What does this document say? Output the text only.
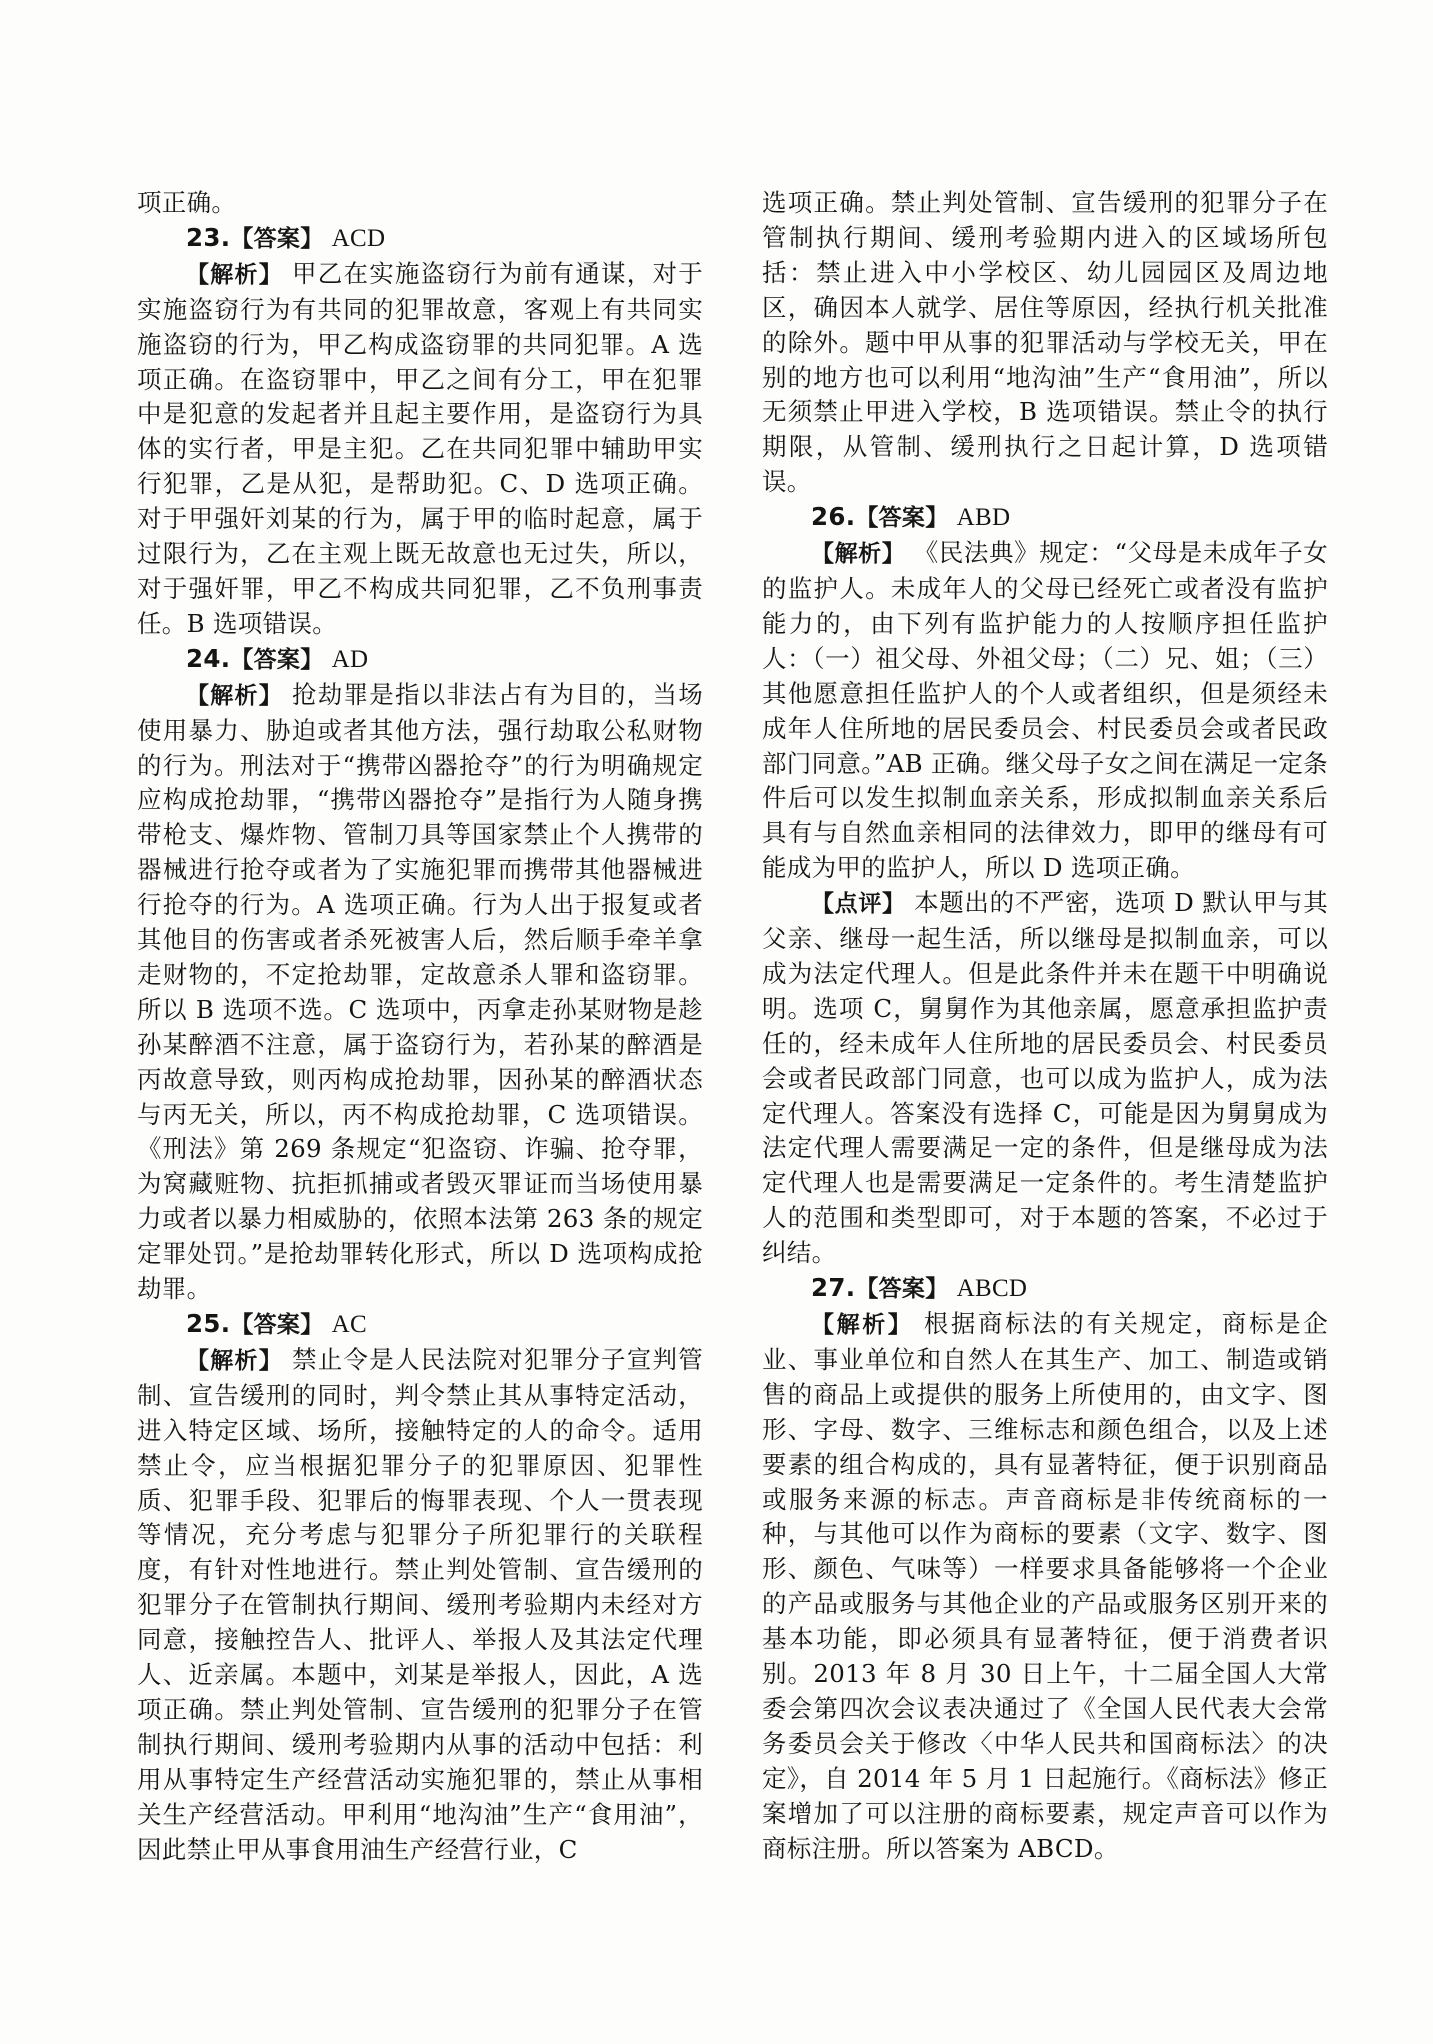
项正确。

23.【答案】 ACD

【解析】 甲乙在实施盗窃行为前有通谋，对于实施盗窃行为有共同的犯罪故意，客观上有共同实施盗窃的行为，甲乙构成盗窃罪的共同犯罪。A 选项正确。在盗窃罪中，甲乙之间有分工，甲在犯罪中是犯意的发起者并且起主要作用，是盗窃行为具体的实行者，甲是主犯。乙在共同犯罪中辅助甲实行犯罪，乙是从犯，是帮助犯。C、D 选项正确。对于甲强奸刘某的行为，属于甲的临时起意，属于过限行为，乙在主观上既无故意也无过失，所以，对于强奸罪，甲乙不构成共同犯罪，乙不负刑事责任。B 选项错误。

24.【答案】 AD

【解析】 抢劫罪是指以非法占有为目的，当场使用暴力、胁迫或者其他方法，强行劫取公私财物的行为。刑法对于“携带凶器抢夺”的行为明确规定应构成抢劫罪，“携带凶器抢夺”是指行为人随身携带枪支、爆炸物、管制刀具等国家禁止个人携带的器械进行抢夺或者为了实施犯罪而携带其他器械进行抢夺的行为。A 选项正确。行为人出于报复或者其他目的伤害或者杀死被害人后，然后顺手牵羊拿走财物的，不定抢劫罪，定故意杀人罪和盗窃罪。所以 B 选项不选。C 选项中，丙拿走孙某财物是趁孙某醉酒不注意，属于盗窃行为，若孙某的醉酒是丙故意导致，则丙构成抢劫罪，因孙某的醉酒状态与丙无关，所以，丙不构成抢劫罪，C 选项错误。《刑法》第 269 条规定“犯盗窃、诈骗、抢夺罪，为窝藏赃物、抗拒抓捕或者毁灭罪证而当场使用暴力或者以暴力相威胁的，依照本法第 263 条的规定定罪处罚。”是抢劫罪转化形式，所以 D 选项构成抢劫罪。

25.【答案】 AC

【解析】 禁止令是人民法院对犯罪分子宣判管制、宣告缓刑的同时，判令禁止其从事特定活动，进入特定区域、场所，接触特定的人的命令。适用禁止令，应当根据犯罪分子的犯罪原因、犯罪性质、犯罪手段、犯罪后的悔罪表现、个人一贯表现等情况，充分考虑与犯罪分子所犯罪行的关联程度，有针对性地进行。禁止判处管制、宣告缓刑的犯罪分子在管制执行期间、缓刑考验期内未经对方同意，接触控告人、批评人、举报人及其法定代理人、近亲属。本题中，刘某是举报人，因此，A 选项正确。禁止判处管制、宣告缓刑的犯罪分子在管制执行期间、缓刑考验期内从事的活动中包括：利用从事特定生产经营活动实施犯罪的，禁止从事相关生产经营活动。甲利用“地沟油”生产“食用油”，因此禁止甲从事食用油生产经营行业，C

选项正确。禁止判处管制、宣告缓刑的犯罪分子在管制执行期间、缓刑考验期内进入的区域场所包括：禁止进入中小学校区、幼儿园园区及周边地区，确因本人就学、居住等原因，经执行机关批准的除外。题中甲从事的犯罪活动与学校无关，甲在别的地方也可以利用“地沟油”生产“食用油”，所以无须禁止甲进入学校，B 选项错误。禁止令的执行期限，从管制、缓刑执行之日起计算，D 选项错误。

26.【答案】 ABD

【解析】 《民法典》规定：“父母是未成年子女的监护人。未成年人的父母已经死亡或者没有监护能力的，由下列有监护能力的人按顺序担任监护人：（一）祖父母、外祖父母；（二）兄、姐；（三）其他愿意担任监护人的个人或者组织，但是须经未成年人住所地的居民委员会、村民委员会或者民政部门同意。”AB 正确。继父母子女之间在满足一定条件后可以发生拟制血亲关系，形成拟制血亲关系后具有与自然血亲相同的法律效力，即甲的继母有可能成为甲的监护人，所以 D 选项正确。

【点评】 本题出的不严密，选项 D 默认甲与其父亲、继母一起生活，所以继母是拟制血亲，可以成为法定代理人。但是此条件并未在题干中明确说明。选项 C，舅舅作为其他亲属，愿意承担监护责任的，经未成年人住所地的居民委员会、村民委员会或者民政部门同意，也可以成为监护人，成为法定代理人。答案没有选择 C，可能是因为舅舅成为法定代理人需要满足一定的条件，但是继母成为法定代理人也是需要满足一定条件的。考生清楚监护人的范围和类型即可，对于本题的答案，不必过于纠结。

27.【答案】 ABCD

【解析】 根据商标法的有关规定，商标是企业、事业单位和自然人在其生产、加工、制造或销售的商品上或提供的服务上所使用的，由文字、图形、字母、数字、三维标志和颜色组合，以及上述要素的组合构成的，具有显著特征，便于识别商品或服务来源的标志。声音商标是非传统商标的一种，与其他可以作为商标的要素（文字、数字、图形、颜色、气味等）一样要求具备能够将一个企业的产品或服务与其他企业的产品或服务区别开来的基本功能，即必须具有显著特征，便于消费者识别。2013 年 8 月 30 日上午，十二届全国人大常委会第四次会议表决通过了《全国人民代表大会常务委员会关于修改〈中华人民共和国商标法〉的决定》，自 2014 年 5 月 1 日起施行。《商标法》修正案增加了可以注册的商标要素，规定声音可以作为商标注册。所以答案为 ABCD。
